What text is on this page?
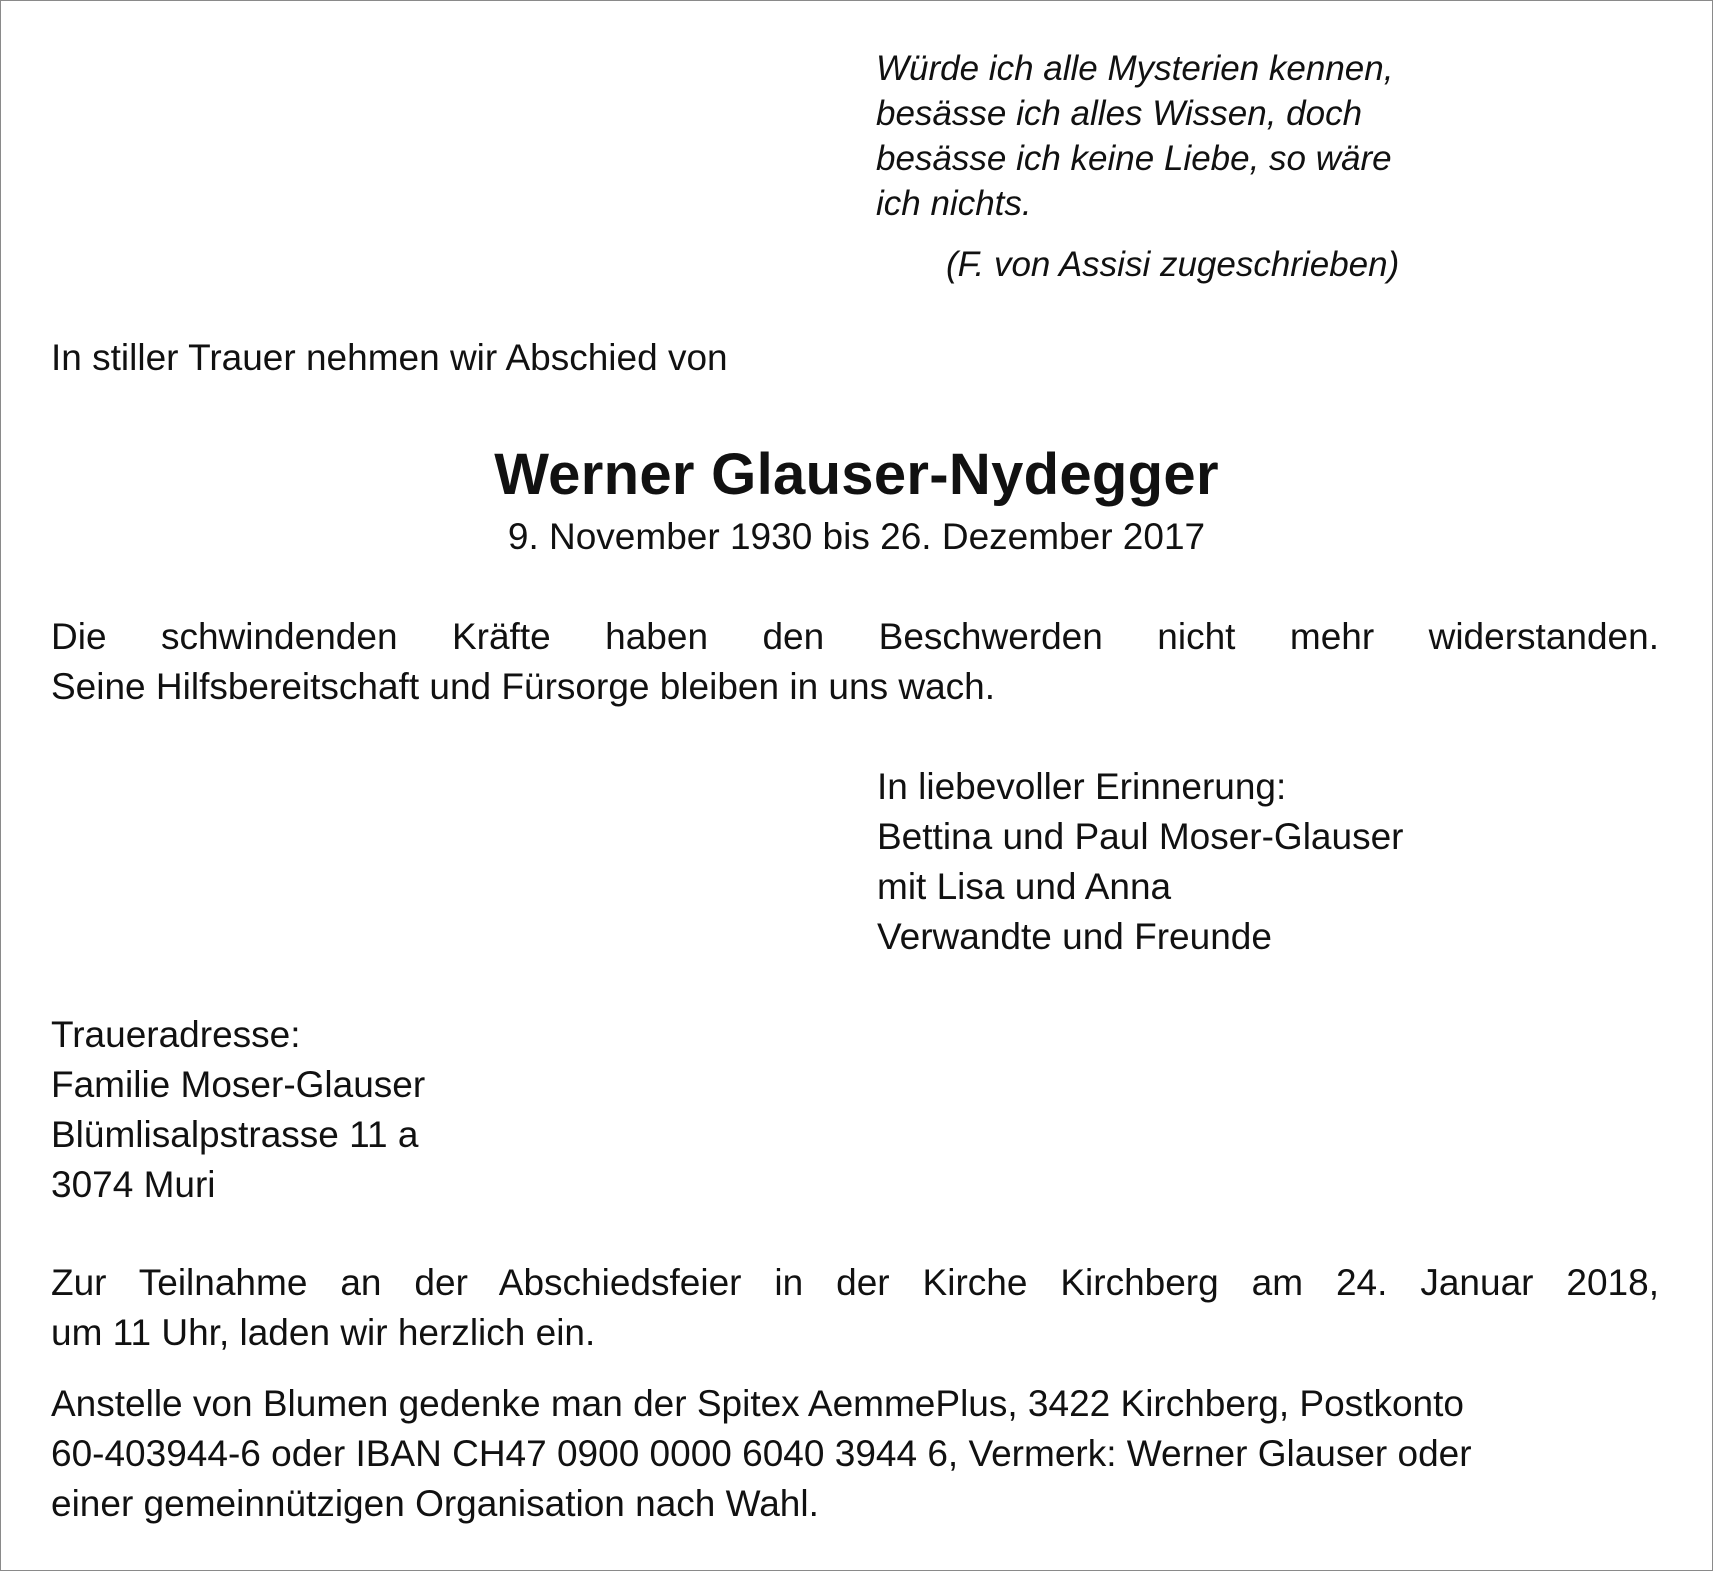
Würde ich alle Mysterien kennen,
besässe ich alles Wissen, doch
besässe ich keine Liebe, so wäre
ich nichts.
(F. von Assisi zugeschrieben)
In stiller Trauer nehmen wir Abschied von
Werner Glauser-Nydegger
9. November 1930 bis 26. Dezember 2017
Die schwindenden Kräfte haben den Beschwerden nicht mehr widerstanden.
Seine Hilfsbereitschaft und Fürsorge bleiben in uns wach.
In liebevoller Erinnerung:
Bettina und Paul Moser-Glauser
mit Lisa und Anna
Verwandte und Freunde
Traueradresse:
Familie Moser-Glauser
Blümlisalpstrasse 11 a
3074 Muri
Zur Teilnahme an der Abschiedsfeier in der Kirche Kirchberg am 24. Januar 2018,
um 11 Uhr, laden wir herzlich ein.
Anstelle von Blumen gedenke man der Spitex AemmePlus, 3422 Kirchberg, Postkonto
60-403944-6 oder IBAN CH47 0900 0000 6040 3944 6, Vermerk: Werner Glauser oder
einer gemeinnützigen Organisation nach Wahl.
